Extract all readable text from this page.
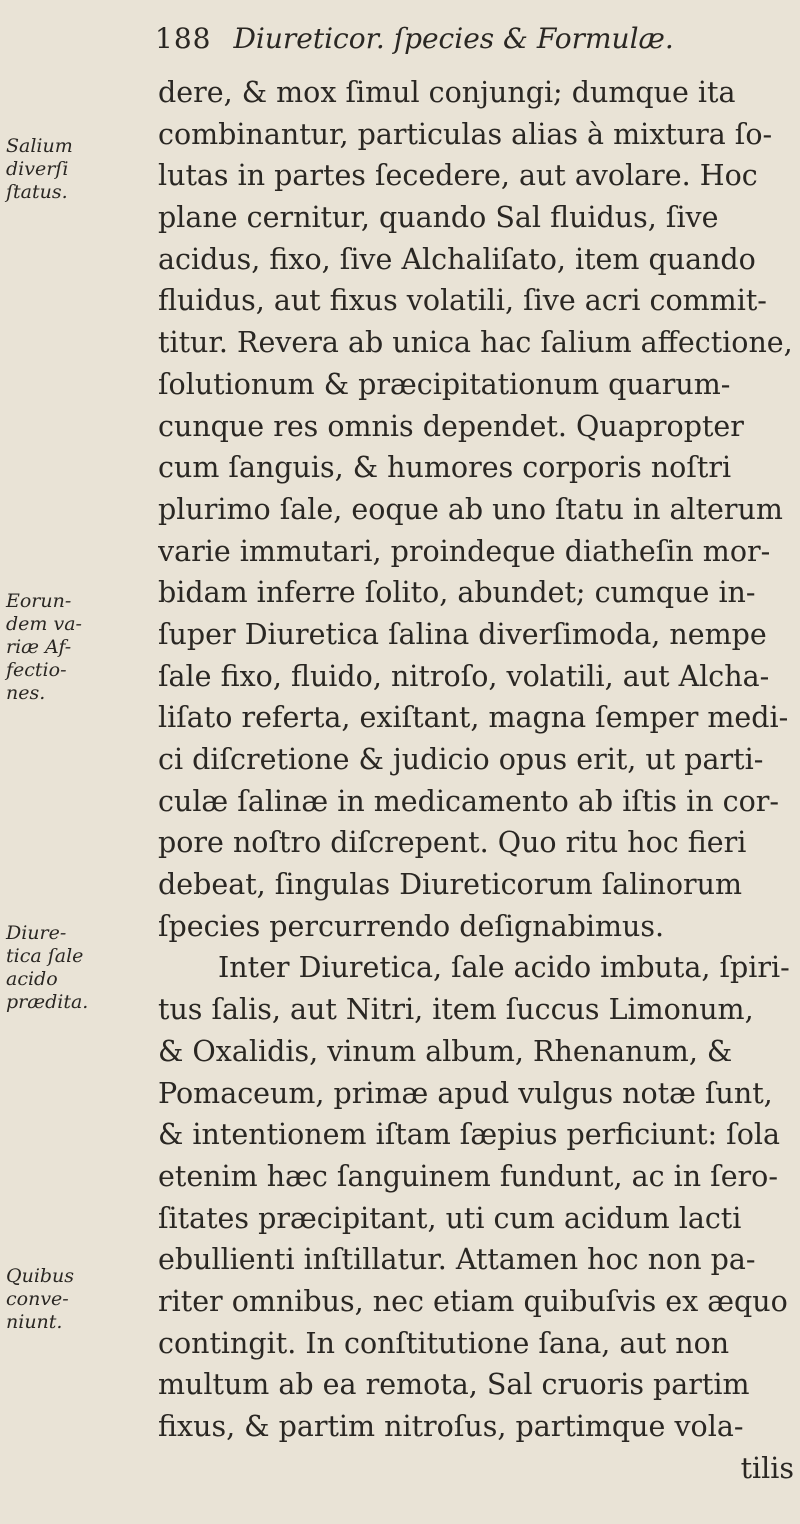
188 Diureticor. ſpecies & Formulæ.
Salium
diverſi
ſtatus.
Eorun-
dem va-
riæ Af-
fectio-
nes.
Diure-
tica ſale
acido
prædita.
Quibus
conve-
niunt.
dere, & mox ſimul conjungi; dumque ita
combinantur, particulas alias à mixtura ſo-
lutas in partes ſecedere, aut avolare. Hoc
plane cernitur, quando Sal fluidus, ſive
acidus, fixo, ſive Alchaliſato, item quando
fluidus, aut fixus volatili, ſive acri commit-
titur. Revera ab unica hac ſalium affectione,
ſolutionum & præcipitationum quarum-
cunque res omnis dependet. Quapropter
cum ſanguis, & humores corporis noſtri
plurimo ſale, eoque ab uno ſtatu in alterum
varie immutari, proindeque diatheſin mor-
bidam inferre ſolito, abundet; cumque in-
ſuper Diuretica ſalina diverſimoda, nempe
ſale fixo, fluido, nitroſo, volatili, aut Alcha-
liſato referta, exiſtant, magna ſemper medi-
ci diſcretione & judicio opus erit, ut parti-
culæ ſalinæ in medicamento ab iſtis in cor-
pore noſtro diſcrepent. Quo ritu hoc fieri
debeat, ſingulas Diureticorum ſalinorum
ſpecies percurrendo deſignabimus.
Inter Diuretica, ſale acido imbuta, ſpiri-
tus ſalis, aut Nitri, item ſuccus Limonum,
& Oxalidis, vinum album, Rhenanum, &
Pomaceum, primæ apud vulgus notæ ſunt,
& intentionem iſtam ſæpius perficiunt: ſola
etenim hæc ſanguinem fundunt, ac in ſero-
ſitates præcipitant, uti cum acidum lacti
ebullienti inſtillatur. Attamen hoc non pa-
riter omnibus, nec etiam quibuſvis ex æquo
contingit. In conſtitutione ſana, aut non
multum ab ea remota, Sal cruoris partim
fixus, & partim nitroſus, partimque vola-
tilis
